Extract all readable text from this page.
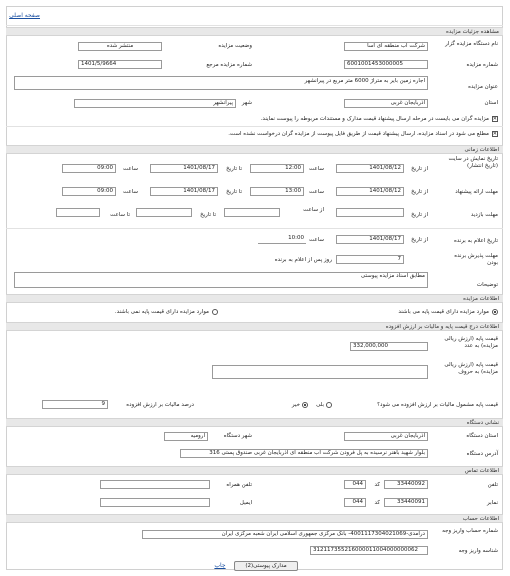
صفحه اصلی
مشاهده جزئیات مزایده
نام دستگاه مزایده گزار
شرکت آب منطقه ای اسا
وضعیت مزایده
منتشر شده
شماره مزایده
6001001453000005
شماره مزایده مرجع
1401/5/9664
عنوان مزایده
اجاره زمین بایر به متراژ 6000 متر مربع در پیرانشهر
استان
آذربایجان غربی
شهر
پیرانشهر
✕
مزایده گران می بایست در مرحله ارسال پیشنهاد قیمت مدارک و مستندات مربوطه را پیوست نمایند.
✕
مطلع می شود در اسناد مزایده، ارسال پیشنهاد قیمت از طریق فایل پیوست از مزایده گران درخواست نشده است.
اطلاعات زمانی
تاریخ نمایش در سایت (تاریخ انتشار)
از تاریخ
1401/08/12
ساعت
12:00
تا تاریخ
1401/08/17
ساعت
09:00
مهلت ارائه پیشنهاد
از تاریخ
1401/08/12
ساعت
13:00
تا تاریخ
1401/08/17
ساعت
09:00
مهلت بازدید
از تاریخ
از ساعت
تا تاریخ
تا ساعت
تاریخ اعلام به برنده
از تاریخ
1401/08/17
ساعت
10:00
مهلت پذیرش برنده بودن
7
روز پس از اعلام به برنده
توضیحات
مطابق اسناد مزایده پیوستی
اطلاعات مزایده
موارد مزایده دارای قیمت پایه می باشند
موارد مزایده دارای قیمت پایه نمی باشند.
اطلاعات درج قیمت پایه و مالیات بر ارزش افزوده
قیمت پایه (ارزش ریالی مزایده) به عدد
332,000,000
قیمت پایه (ارزش ریالی مزایده) به حروف
قیمت پایه مشمول مالیات بر ارزش افزوده می شود؟
بلی
خیر
درصد مالیات بر ارزش افزوده
9
نشانی دستگاه
استان دستگاه
آذربایجان غربی
شهر دستگاه
ارومیه
آدرس دستگاه
بلوار شهید باهنر نرسیده به پل فرودن شرکت آب منطقه ای آذربایجان غربی صندوق پستی 316
اطلاعات تماس
تلفن
33440092
کد
044
تلفن همراه
نمابر
33440091
کد
044
ایمیل
اطلاعات حساب
شماره حساب واریز وجه
درآمدی-4001117304021069- بانک مرکزی جمهوری اسلامی ایران شعبه مرکزی ایران
شناسه واریز وجه
312117355216000011004000000062
مدارک پیوستی(2)
چاپ
